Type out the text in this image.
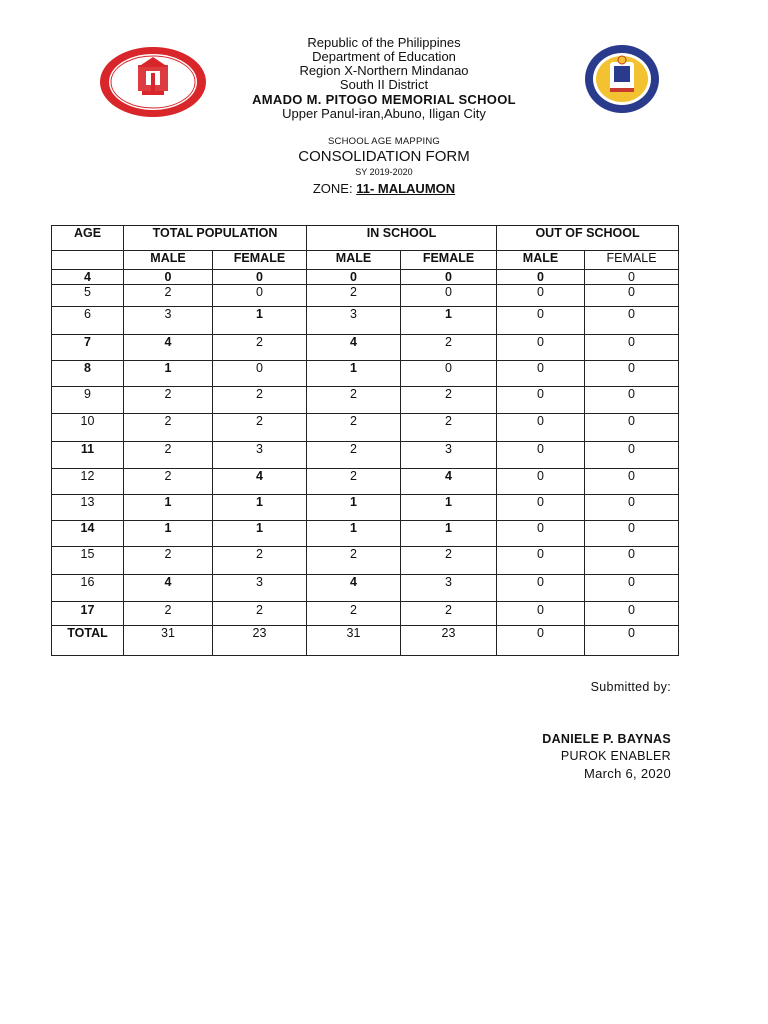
Republic of the Philippines
Department of Education
Region X-Northern Mindanao
South II District
AMADO M. PITOGO MEMORIAL SCHOOL
Upper Panul-iran,Abuno, Iligan City
SCHOOL AGE MAPPING
CONSOLIDATION FORM
SY 2019-2020
ZONE: 11- MALAUMON
AGE	TOTAL POPULATION		IN SCHOOL		OUT OF SCHOOL	
	MALE	FEMALE	MALE	FEMALE	MALE	FEMALE
4	0	0	0	0	0	0
5	2	0	2	0	0	0
6	3	1	3	1	0	0
7	4	2	4	2	0	0
8	1	0	1	0	0	0
9	2	2	2	2	0	0
10	2	2	2	2	0	0
11	2	3	2	3	0	0
12	2	4	2	4	0	0
13	1	1	1	1	0	0
14	1	1	1	1	0	0
15	2	2	2	2	0	0
16	4	3	4	3	0	0
17	2	2	2	2	0	0
TOTAL	31	23	31	23	0	0
Submitted by:
DANIELE P. BAYNAS
PUROK ENABLER
March 6, 2020
